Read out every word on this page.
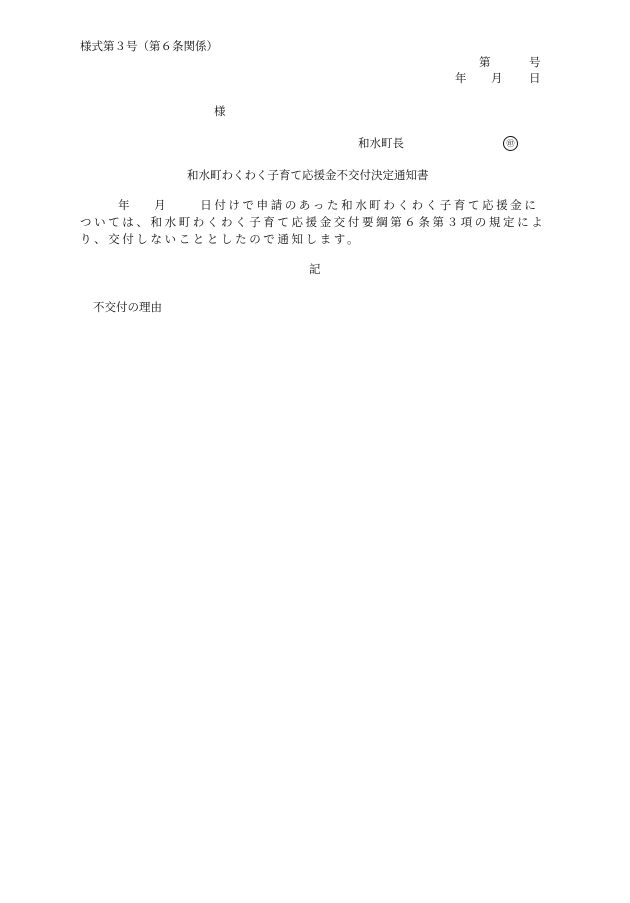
様式第３号（第６条関係）
第	号
年 月 日
様
和水町長	㊞
和水町わくわく子育て応援金不交付決定通知書
年 月	日付けで申請のあった和水町わくわく子育て応援金に
ついては、和水町わくわく子育て応援金交付要綱第６条第３項の規定によ
り、交付しないこととしたので通知します。
記
不交付の理由
